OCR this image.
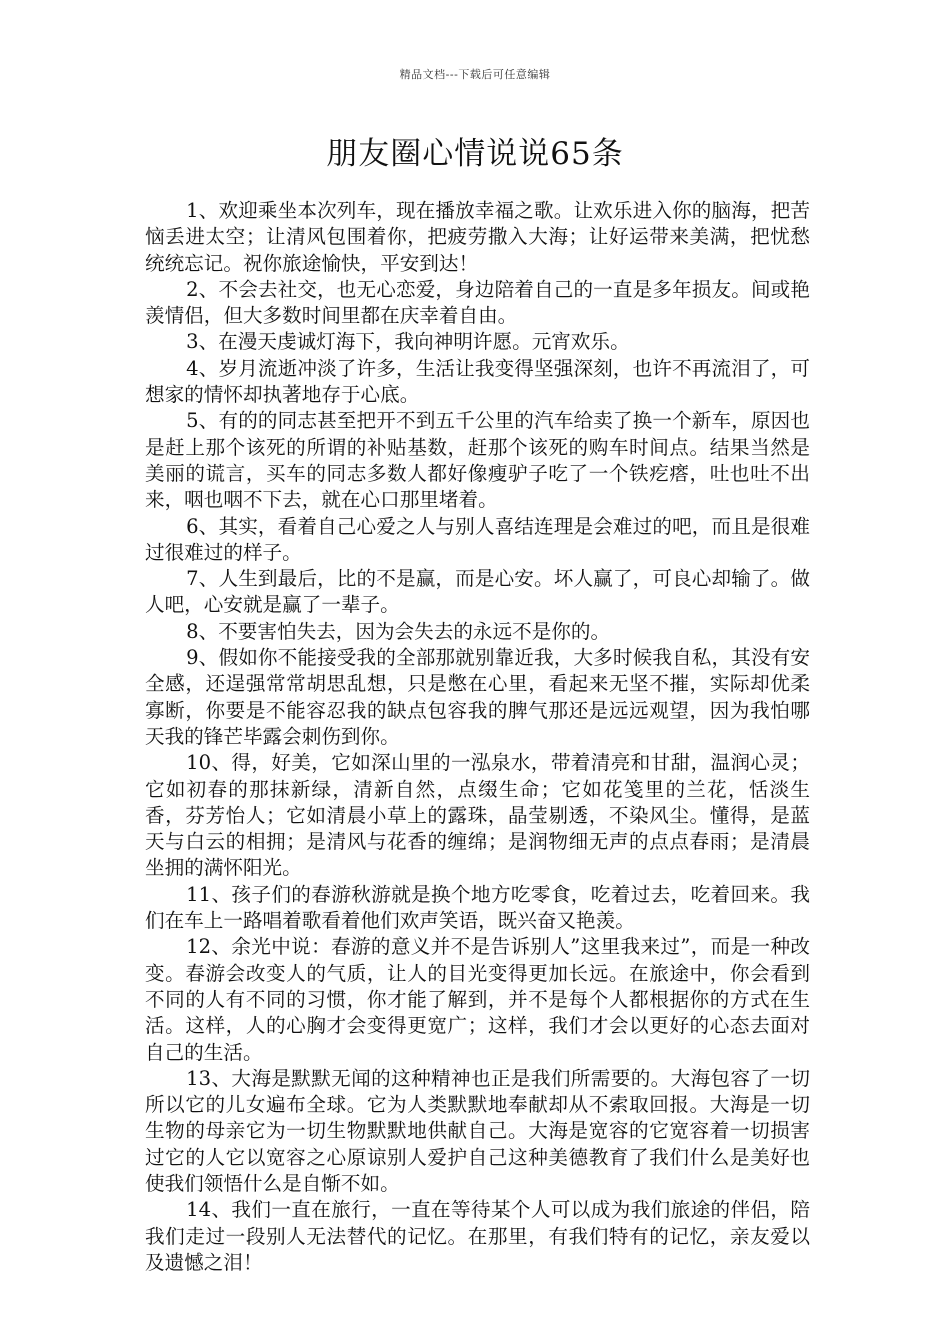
精品文档---下载后可任意编辑
朋友圈心情说说65条

1、欢迎乘坐本次列车，现在播放幸福之歌。让欢乐进入你的脑海，把苦恼丢进太空；让清风包围着你，把疲劳撒入大海；让好运带来美满，把忧愁统统忘记。祝你旅途愉快，平安到达！

2、不会去社交，也无心恋爱，身边陪着自己的一直是多年损友。间或艳羡情侣，但大多数时间里都在庆幸着自由。

3、在漫天虔诚灯海下，我向神明许愿。元宵欢乐。

4、岁月流逝冲淡了许多，生活让我变得坚强深刻，也许不再流泪了，可想家的情怀却执著地存于心底。

5、有的的同志甚至把开不到五千公里的汽车给卖了换一个新车，原因也是赶上那个该死的所谓的补贴基数，赶那个该死的购车时间点。结果当然是美丽的谎言，买车的同志多数人都好像瘦驴子吃了一个铁疙瘩，吐也吐不出来，咽也咽不下去，就在心口那里堵着。

6、其实，看着自己心爱之人与别人喜结连理是会难过的吧，而且是很难过很难过的样子。

7、人生到最后，比的不是赢，而是心安。坏人赢了，可良心却输了。做人吧，心安就是赢了一辈子。

8、不要害怕失去，因为会失去的永远不是你的。

9、假如你不能接受我的全部那就别靠近我，大多时候我自私，其没有安全感，还逞强常常胡思乱想，只是憋在心里，看起来无坚不摧，实际却优柔寡断，你要是不能容忍我的缺点包容我的脾气那还是远远观望，因为我怕哪天我的锋芒毕露会刺伤到你。

10、得，好美，它如深山里的一泓泉水，带着清亮和甘甜，温润心灵；它如初春的那抹新绿，清新自然，点缀生命；它如花笺里的兰花，恬淡生香，芬芳怡人；它如清晨小草上的露珠，晶莹剔透，不染风尘。懂得，是蓝天与白云的相拥；是清风与花香的缠绵；是润物细无声的点点春雨；是清晨坐拥的满怀阳光。

11、孩子们的春游秋游就是换个地方吃零食，吃着过去，吃着回来。我们在车上一路唱着歌看着他们欢声笑语，既兴奋又艳羡。

12、余光中说：春游的意义并不是告诉别人”这里我来过”，而是一种改变。春游会改变人的气质，让人的目光变得更加长远。在旅途中，你会看到不同的人有不同的习惯，你才能了解到，并不是每个人都根据你的方式在生活。这样，人的心胸才会变得更宽广；这样，我们才会以更好的心态去面对自己的生活。

13、大海是默默无闻的这种精神也正是我们所需要的。大海包容了一切所以它的儿女遍布全球。它为人类默默地奉献却从不索取回报。大海是一切生物的母亲它为一切生物默默地供献自己。大海是宽容的它宽容着一切损害过它的人它以宽容之心原谅别人爱护自己这种美德教育了我们什么是美好也使我们领悟什么是自惭不如。

14、我们一直在旅行，一直在等待某个人可以成为我们旅途的伴侣，陪我们走过一段别人无法替代的记忆。在那里，有我们特有的记忆，亲友爱以及遗憾之泪！
